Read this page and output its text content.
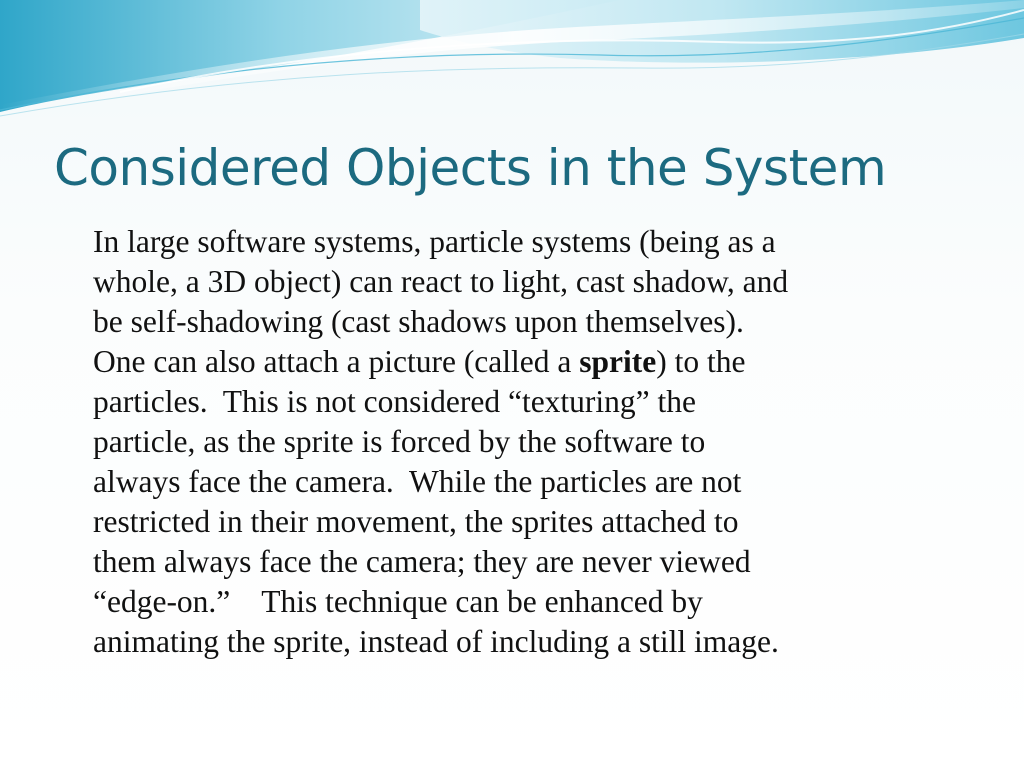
Considered Objects in the System

In large software systems, particle systems (being as a
whole, a 3D object) can react to light, cast shadow, and
be self-shadowing (cast shadows upon themselves).
One can also attach a picture (called a sprite) to the
particles.  This is not considered “texturing” the
particle, as the sprite is forced by the software to
always face the camera.  While the particles are not
restricted in their movement, the sprites attached to
them always face the camera; they are never viewed
“edge-on.”    This technique can be enhanced by
animating the sprite, instead of including a still image.
